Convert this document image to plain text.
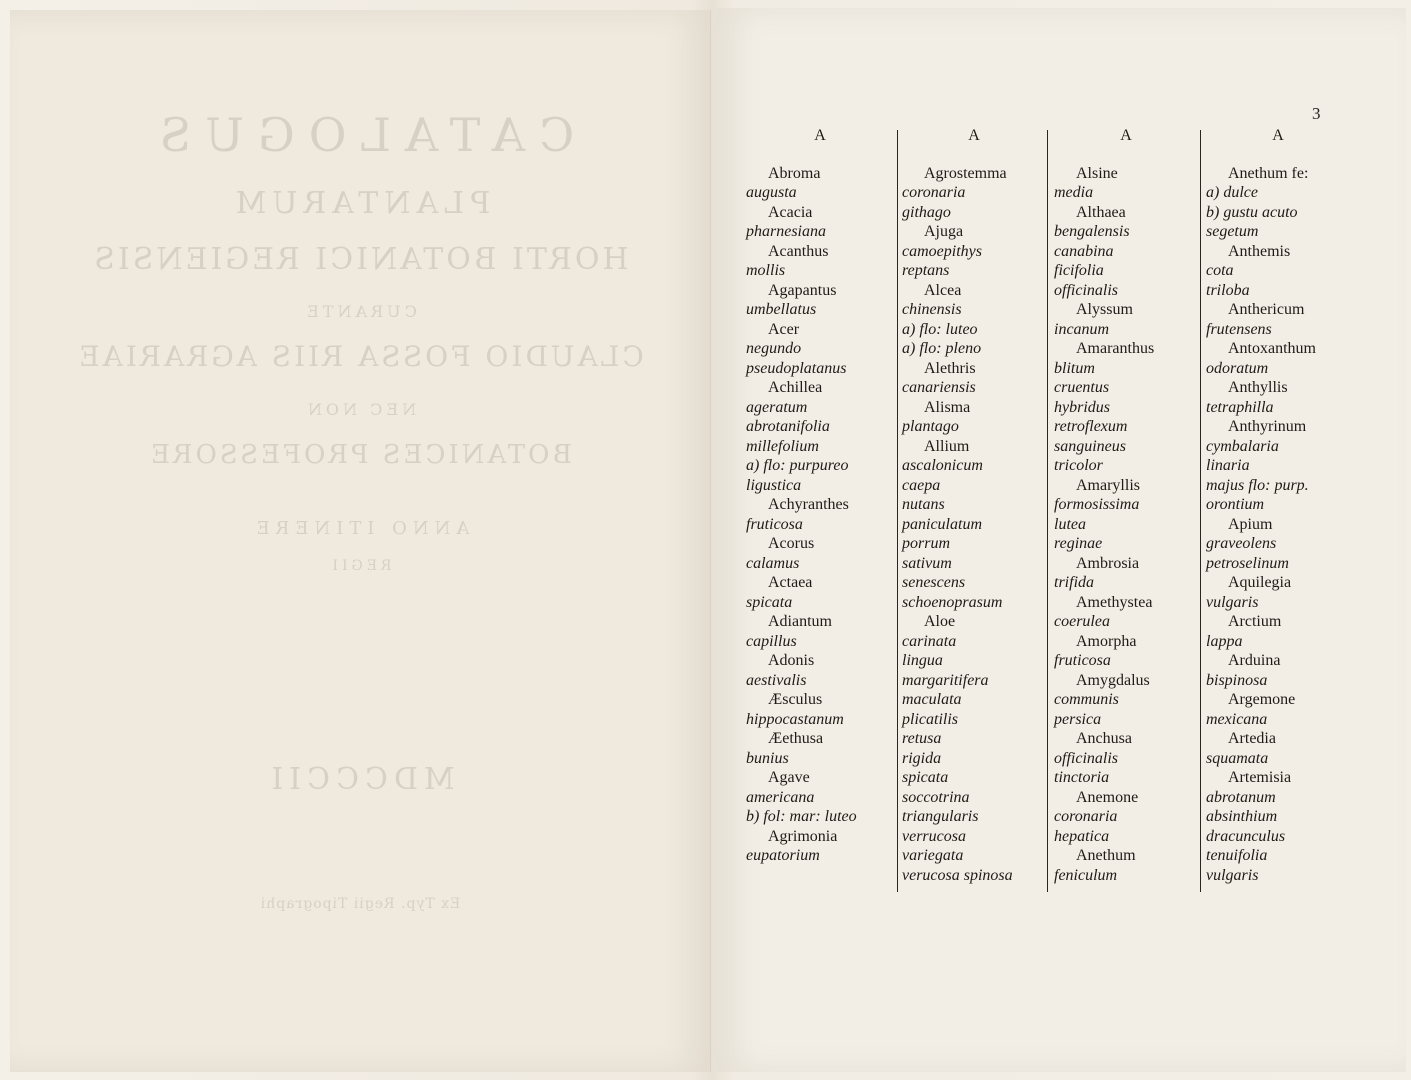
CATALOGUS
PLANTARUM
HORTI BOTANICI REGIENSIS
CURANTE
CLAUDIO FOSSA RIIS AGRARIAE
NEC NON
BOTANICES PROFESSORE
ANNO ITINERE
REGII
MDCCCII
Ex Typ. Regii Tipographi
3
A
Abroma
augusta
Acacia
pharnesiana
Acanthus
mollis
Agapantus
umbellatus
Acer
negundo
pseudoplatanus
Achillea
ageratum
abrotanifolia
millefolium
a) flo: purpureo
ligustica
Achyranthes
fruticosa
Acorus
calamus
Actaea
spicata
Adiantum
capillus
Adonis
aestivalis
Æsculus
hippocastanum
Æethusa
bunius
Agave
americana
b) fol: mar: luteo
Agrimonia
eupatorium
A
Agrostemma
coronaria
githago
Ajuga
camoepithys
reptans
Alcea
chinensis
a) flo: luteo
a) flo: pleno
Alethris
canariensis
Alisma
plantago
Allium
ascalonicum
caepa
nutans
paniculatum
porrum
sativum
senescens
schoenoprasum
Aloe
carinata
lingua
margaritifera
maculata
plicatilis
retusa
rigida
spicata
soccotrina
triangularis
verrucosa
variegata
verucosa spinosa
A
Alsine
media
Althaea
bengalensis
canabina
ficifolia
officinalis
Alyssum
incanum
Amaranthus
blitum
cruentus
hybridus
retroflexum
sanguineus
tricolor
Amaryllis
formosissima
lutea
reginae
Ambrosia
trifida
Amethystea
coerulea
Amorpha
fruticosa
Amygdalus
communis
persica
Anchusa
officinalis
tinctoria
Anemone
coronaria
hepatica
Anethum
feniculum
A
Anethum fe:
a) dulce
b) gustu acuto
segetum
Anthemis
cota
triloba
Anthericum
frutensens
Antoxanthum
odoratum
Anthyllis
tetraphilla
Anthyrinum
cymbalaria
linaria
majus flo: purp.
orontium
Apium
graveolens
petroselinum
Aquilegia
vulgaris
Arctium
lappa
Arduina
bispinosa
Argemone
mexicana
Artedia
squamata
Artemisia
abrotanum
absinthium
dracunculus
tenuifolia
vulgaris
